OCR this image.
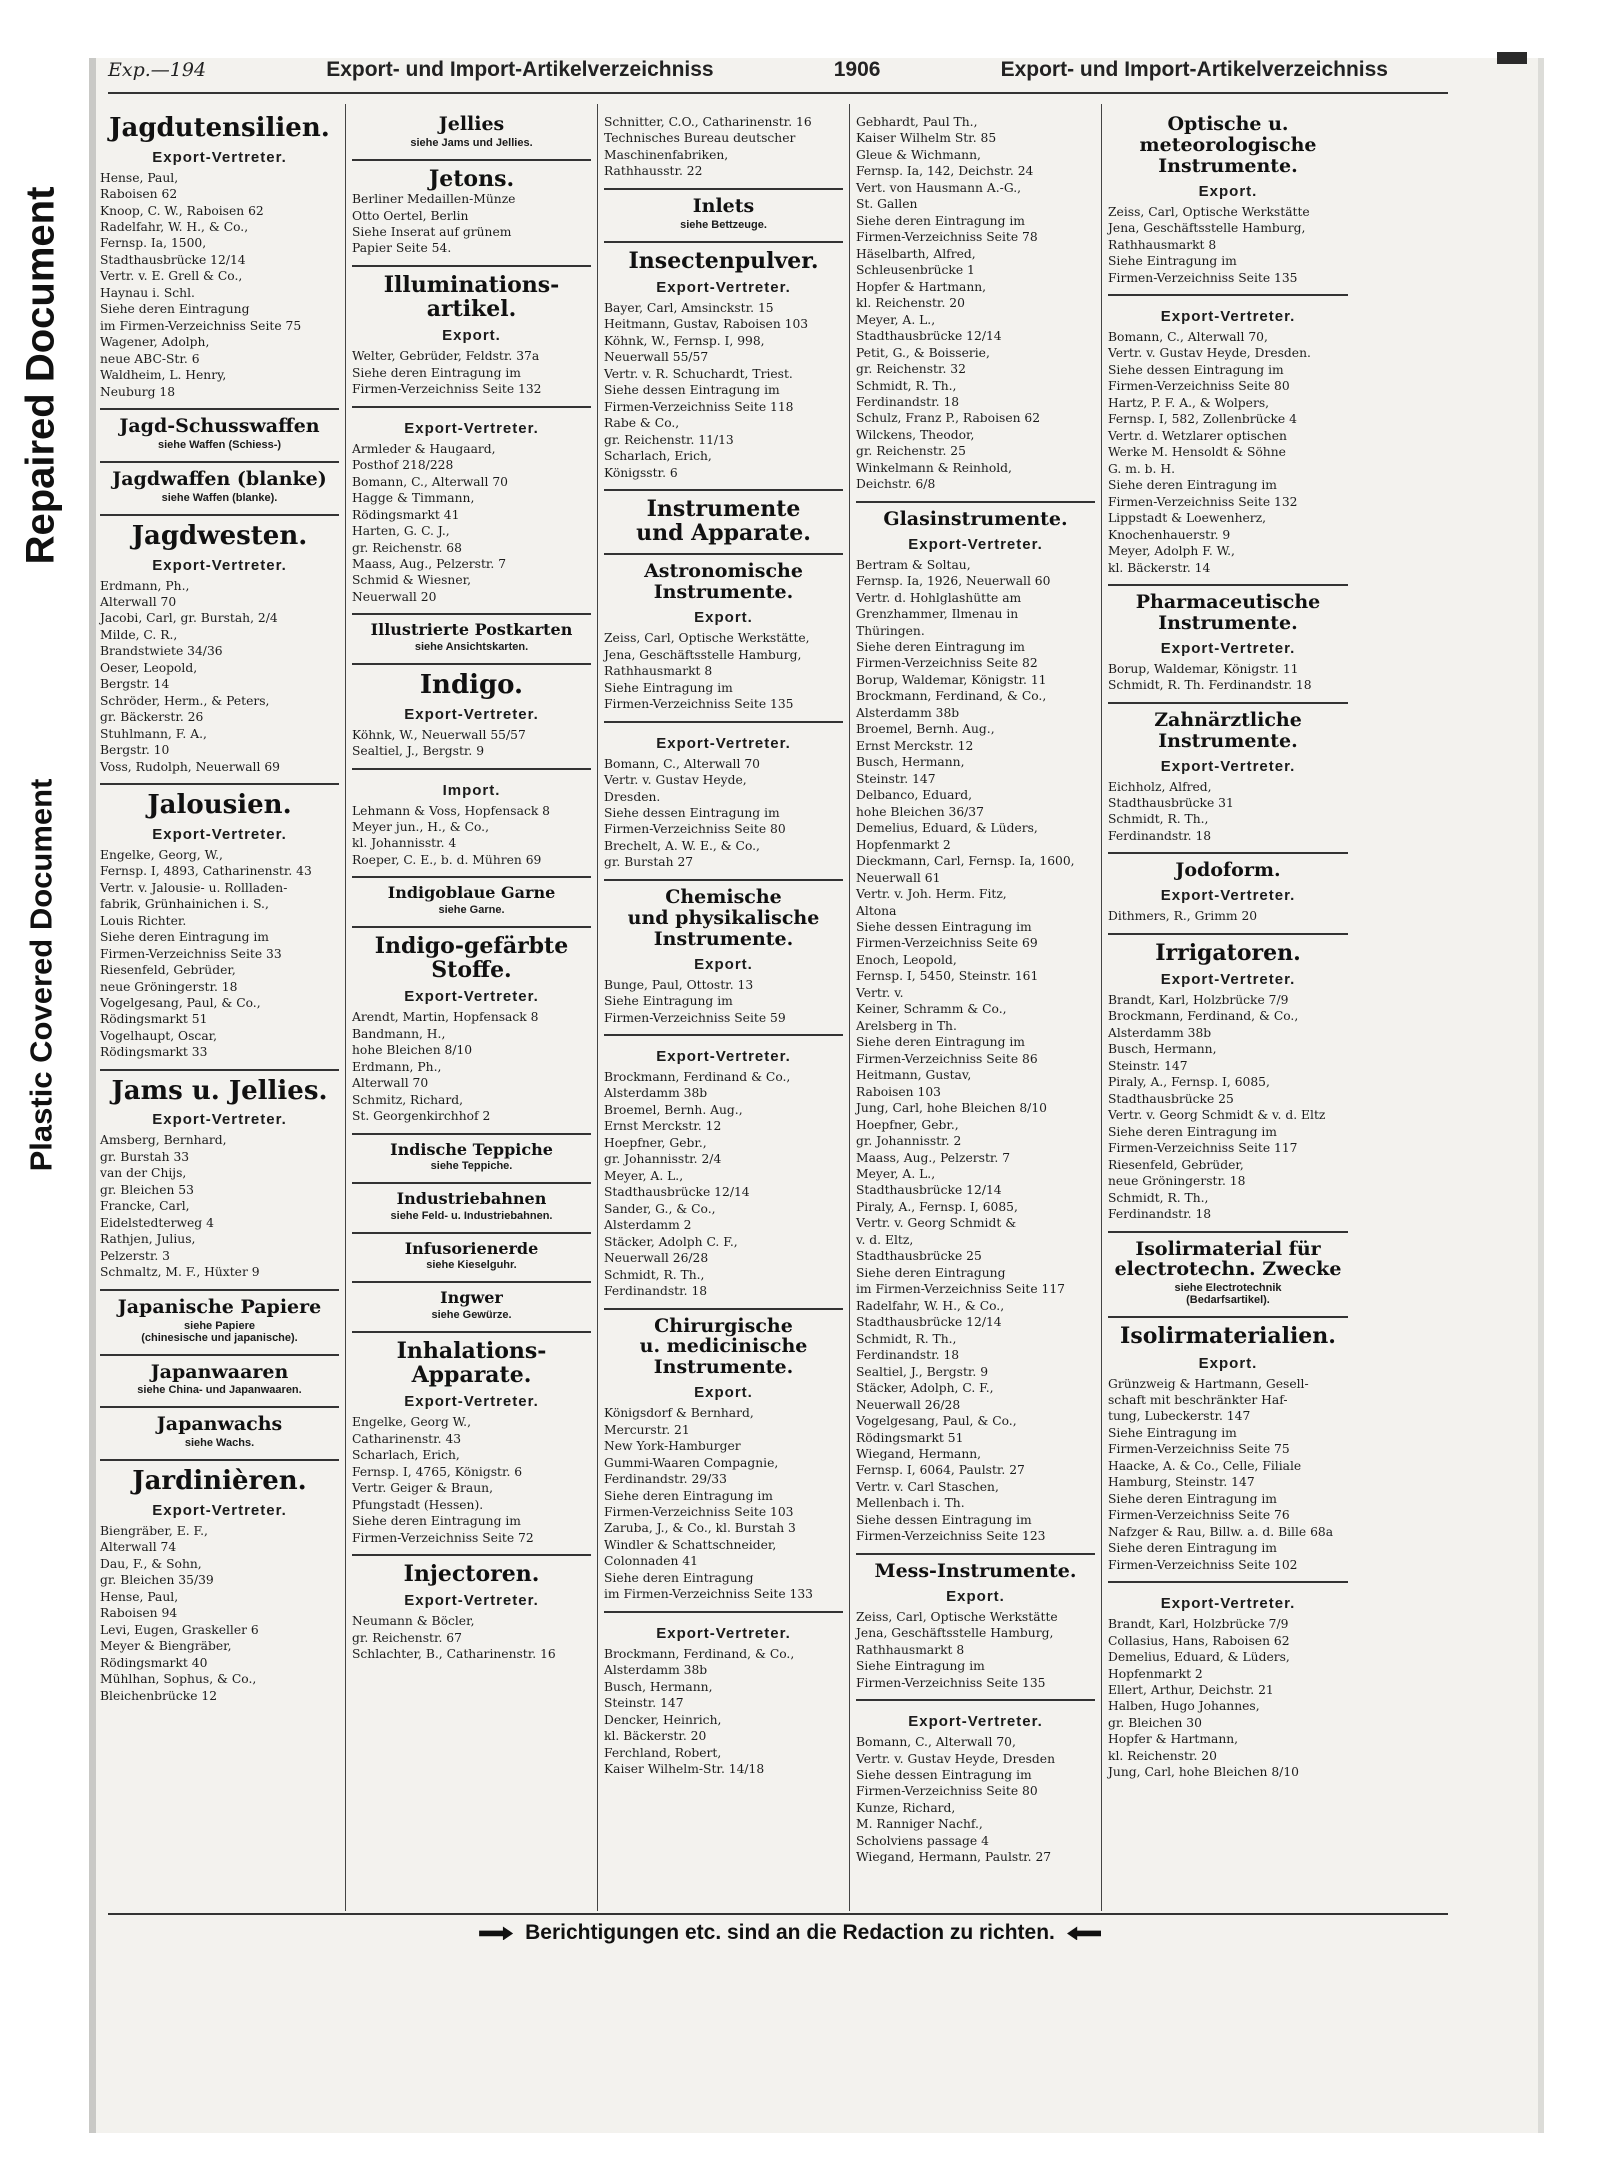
Repaired Document
Plastic Covered Document
Exp.—194	Export- und Import-Artikelverzeichniss	1906	Export- und Import-Artikelverzeichniss
Jagdutensilien.
Export-Vertreter.

Hense, Paul,
Raboisen 62
Knoop, C. W., Raboisen 62
Radelfahr, W. H., & Co.,
Fernsp. Ia, 1500,
Stadthausbrücke 12/14
Vertr. v. E. Grell & Co.,
Haynau i. Schl.
Siehe deren Eintragung
im Firmen-Verzeichniss Seite 75
Wagener, Adolph,
neue ABC-Str. 6
Waldheim, L. Henry,
Neuburg 18

Jagd-Schusswaffen
siehe Waffen (Schiess-)
Jagdwaffen (blanke)
siehe Waffen (blanke).
Jagdwesten.
Export-Vertreter.

Erdmann, Ph.,
Alterwall 70
Jacobi, Carl, gr. Burstah, 2/4
Milde, C. R.,
Brandstwiete 34/36
Oeser, Leopold,
Bergstr. 14
Schröder, Herm., & Peters,
gr. Bäckerstr. 26
Stuhlmann, F. A.,
Bergstr. 10
Voss, Rudolph, Neuerwall 69

Jalousien.
Export-Vertreter.

Engelke, Georg, W.,
Fernsp. I, 4893, Catharinenstr. 43
Vertr. v. Jalousie- u. Rollladen-
fabrik, Grünhainichen i. S.,
Louis Richter.
Siehe deren Eintragung im
Firmen-Verzeichniss Seite 33
Riesenfeld, Gebrüder,
neue Gröningerstr. 18
Vogelgesang, Paul, & Co.,
Rödingsmarkt 51
Vogelhaupt, Oscar,
Rödingsmarkt 33

Jams u. Jellies.
Export-Vertreter.

Amsberg, Bernhard,
gr. Burstah 33
van der Chijs,
gr. Bleichen 53
Francke, Carl,
Eidelstedterweg 4
Rathjen, Julius,
Pelzerstr. 3
Schmaltz, M. F., Hüxter 9

Japanische Papiere
siehe Papiere
(chinesische und japanische).
Japanwaaren
siehe China- und Japanwaaren.
Japanwachs
siehe Wachs.
Jardinièren.
Export-Vertreter.

Biengräber, E. F.,
Alterwall 74
Dau, F., & Sohn,
gr. Bleichen 35/39
Hense, Paul,
Raboisen 94
Levi, Eugen, Graskeller 6
Meyer & Biengräber,
Rödingsmarkt 40
Mühlhan, Sophus, & Co.,
Bleichenbrücke 12

Jellies
siehe Jams und Jellies.
Jetons.

Berliner Medaillen-Münze
Otto Oertel, Berlin
Siehe Inserat auf grünem
Papier Seite 54.

Illuminations-
artikel.
Export.

Welter, Gebrüder, Feldstr. 37a
Siehe deren Eintragung im
Firmen-Verzeichniss Seite 132

Export-Vertreter.

Armleder & Haugaard,
Posthof 218/228
Bomann, C., Alterwall 70
Hagge & Timmann,
Rödingsmarkt 41
Harten, G. C. J.,
gr. Reichenstr. 68
Maass, Aug., Pelzerstr. 7
Schmid & Wiesner,
Neuerwall 20

Illustrierte Postkarten
siehe Ansichtskarten.
Indigo.
Export-Vertreter.

Köhnk, W., Neuerwall 55/57
Sealtiel, J., Bergstr. 9

Import.

Lehmann & Voss, Hopfensack 8
Meyer jun., H., & Co.,
kl. Johannisstr. 4
Roeper, C. E., b. d. Mühren 69

Indigoblaue Garne
siehe Garne.
Indigo-gefärbte
Stoffe.
Export-Vertreter.

Arendt, Martin, Hopfensack 8
Bandmann, H.,
hohe Bleichen 8/10
Erdmann, Ph.,
Alterwall 70
Schmitz, Richard,
St. Georgenkirchhof 2

Indische Teppiche
siehe Teppiche.
Industriebahnen
siehe Feld- u. Industriebahnen.
Infusorienerde
siehe Kieselguhr.
Ingwer
siehe Gewürze.
Inhalations-
Apparate.
Export-Vertreter.

Engelke, Georg W.,
Catharinenstr. 43
Scharlach, Erich,
Fernsp. I, 4765, Königstr. 6
Vertr. Geiger & Braun,
Pfungstadt (Hessen).
Siehe deren Eintragung im
Firmen-Verzeichniss Seite 72

Injectoren.
Export-Vertreter.

Neumann & Böcler,
gr. Reichenstr. 67
Schlachter, B., Catharinenstr. 16

Schnitter, C.O., Catharinenstr. 16
Technisches Bureau deutscher
Maschinenfabriken,
Rathhausstr. 22

Inlets
siehe Bettzeuge.
Insectenpulver.
Export-Vertreter.

Bayer, Carl, Amsinckstr. 15
Heitmann, Gustav, Raboisen 103
Köhnk, W., Fernsp. I, 998,
Neuerwall 55/57
Vertr. v. R. Schuchardt, Triest.
Siehe dessen Eintragung im
Firmen-Verzeichniss Seite 118
Rabe & Co.,
gr. Reichenstr. 11/13
Scharlach, Erich,
Königsstr. 6

Instrumente
und Apparate.
Astronomische
Instrumente.
Export.

Zeiss, Carl, Optische Werkstätte,
Jena, Geschäftsstelle Hamburg,
Rathhausmarkt 8
Siehe Eintragung im
Firmen-Verzeichniss Seite 135

Export-Vertreter.

Bomann, C., Alterwall 70
Vertr. v. Gustav Heyde,
Dresden.
Siehe dessen Eintragung im
Firmen-Verzeichniss Seite 80
Brechelt, A. W. E., & Co.,
gr. Burstah 27

Chemische
und physikalische
Instrumente.
Export.

Bunge, Paul, Ottostr. 13
Siehe Eintragung im
Firmen-Verzeichniss Seite 59

Export-Vertreter.

Brockmann, Ferdinand & Co.,
Alsterdamm 38b
Broemel, Bernh. Aug.,
Ernst Merckstr. 12
Hoepfner, Gebr.,
gr. Johannisstr. 2/4
Meyer, A. L.,
Stadthausbrücke 12/14
Sander, G., & Co.,
Alsterdamm 2
Stäcker, Adolph C. F.,
Neuerwall 26/28
Schmidt, R. Th.,
Ferdinandstr. 18

Chirurgische
u. medicinische
Instrumente.
Export.

Königsdorf & Bernhard,
Mercurstr. 21
New York-Hamburger
Gummi-Waaren Compagnie,
Ferdinandstr. 29/33
Siehe deren Eintragung im
Firmen-Verzeichniss Seite 103
Zaruba, J., & Co., kl. Burstah 3
Windler & Schattschneider,
Colonnaden 41
Siehe deren Eintragung
im Firmen-Verzeichniss Seite 133

Export-Vertreter.

Brockmann, Ferdinand, & Co.,
Alsterdamm 38b
Busch, Hermann,
Steinstr. 147
Dencker, Heinrich,
kl. Bäckerstr. 20
Ferchland, Robert,
Kaiser Wilhelm-Str. 14/18

Gebhardt, Paul Th.,
Kaiser Wilhelm Str. 85
Gleue & Wichmann,
Fernsp. Ia, 142, Deichstr. 24
Vert. von Hausmann A.-G.,
St. Gallen
Siehe deren Eintragung im
Firmen-Verzeichniss Seite 78
Häselbarth, Alfred,
Schleusenbrücke 1
Hopfer & Hartmann,
kl. Reichenstr. 20
Meyer, A. L.,
Stadthausbrücke 12/14
Petit, G., & Boisserie,
gr. Reichenstr. 32
Schmidt, R. Th.,
Ferdinandstr. 18
Schulz, Franz P., Raboisen 62
Wilckens, Theodor,
gr. Reichenstr. 25
Winkelmann & Reinhold,
Deichstr. 6/8

Glasinstrumente.
Export-Vertreter.

Bertram & Soltau,
Fernsp. Ia, 1926, Neuerwall 60
Vertr. d. Hohlglashütte am
Grenzhammer, Ilmenau in
Thüringen.
Siehe deren Eintragung im
Firmen-Verzeichniss Seite 82
Borup, Waldemar, Königstr. 11
Brockmann, Ferdinand, & Co.,
Alsterdamm 38b
Broemel, Bernh. Aug.,
Ernst Merckstr. 12
Busch, Hermann,
Steinstr. 147
Delbanco, Eduard,
hohe Bleichen 36/37
Demelius, Eduard, & Lüders,
Hopfenmarkt 2
Dieckmann, Carl, Fernsp. Ia, 1600,
Neuerwall 61
Vertr. v. Joh. Herm. Fitz,
Altona
Siehe dessen Eintragung im
Firmen-Verzeichniss Seite 69
Enoch, Leopold,
Fernsp. I, 5450, Steinstr. 161
Vertr. v.
Keiner, Schramm & Co.,
Arelsberg in Th.
Siehe deren Eintragung im
Firmen-Verzeichniss Seite 86
Heitmann, Gustav,
Raboisen 103
Jung, Carl, hohe Bleichen 8/10
Hoepfner, Gebr.,
gr. Johannisstr. 2
Maass, Aug., Pelzerstr. 7
Meyer, A. L.,
Stadthausbrücke 12/14
Piraly, A., Fernsp. I, 6085,
Vertr. v. Georg Schmidt &
v. d. Eltz,
Stadthausbrücke 25
Siehe deren Eintragung
im Firmen-Verzeichniss Seite 117
Radelfahr, W. H., & Co.,
Stadthausbrücke 12/14
Schmidt, R. Th.,
Ferdinandstr. 18
Sealtiel, J., Bergstr. 9
Stäcker, Adolph, C. F.,
Neuerwall 26/28
Vogelgesang, Paul, & Co.,
Rödingsmarkt 51
Wiegand, Hermann,
Fernsp. I, 6064, Paulstr. 27
Vertr. v. Carl Staschen,
Mellenbach i. Th.
Siehe dessen Eintragung im
Firmen-Verzeichniss Seite 123

Mess-Instrumente.
Export.

Zeiss, Carl, Optische Werkstätte
Jena, Geschäftsstelle Hamburg,
Rathhausmarkt 8
Siehe Eintragung im
Firmen-Verzeichniss Seite 135

Export-Vertreter.

Bomann, C., Alterwall 70,
Vertr. v. Gustav Heyde, Dresden
Siehe dessen Eintragung im
Firmen-Verzeichniss Seite 80
Kunze, Richard,
M. Ranniger Nachf.,
Scholviens passage 4
Wiegand, Hermann, Paulstr. 27

Optische u.
meteorologische
Instrumente.
Export.

Zeiss, Carl, Optische Werkstätte
Jena, Geschäftsstelle Hamburg,
Rathhausmarkt 8
Siehe Eintragung im
Firmen-Verzeichniss Seite 135

Export-Vertreter.

Bomann, C., Alterwall 70,
Vertr. v. Gustav Heyde, Dresden.
Siehe dessen Eintragung im
Firmen-Verzeichniss Seite 80
Hartz, P. F. A., & Wolpers,
Fernsp. I, 582, Zollenbrücke 4
Vertr. d. Wetzlarer optischen
Werke M. Hensoldt & Söhne
G. m. b. H.
Siehe deren Eintragung im
Firmen-Verzeichniss Seite 132
Lippstadt & Loewenherz,
Knochenhauerstr. 9
Meyer, Adolph F. W.,
kl. Bäckerstr. 14

Pharmaceutische
Instrumente.
Export-Vertreter.

Borup, Waldemar, Königstr. 11
Schmidt, R. Th. Ferdinandstr. 18

Zahnärztliche
Instrumente.
Export-Vertreter.

Eichholz, Alfred,
Stadthausbrücke 31
Schmidt, R. Th.,
Ferdinandstr. 18

Jodoform.
Export-Vertreter.

Dithmers, R., Grimm 20

Irrigatoren.
Export-Vertreter.

Brandt, Karl, Holzbrücke 7/9
Brockmann, Ferdinand, & Co.,
Alsterdamm 38b
Busch, Hermann,
Steinstr. 147
Piraly, A., Fernsp. I, 6085, Stadthausbrücke 25
Vertr. v. Georg Schmidt & v. d. Eltz
Siehe deren Eintragung im
Firmen-Verzeichniss Seite 117
Riesenfeld, Gebrüder,
neue Gröningerstr. 18
Schmidt, R. Th.,
Ferdinandstr. 18

Isolirmaterial für
electrotechn. Zwecke
siehe Electrotechnik
(Bedarfsartikel).
Isolirmaterialien.
Export.

Grünzweig & Hartmann, Gesell-
schaft mit beschränkter Haf-
tung, Lubeckerstr. 147
Siehe Eintragung im
Firmen-Verzeichniss Seite 75
Haacke, A. & Co., Celle, Filiale
Hamburg, Steinstr. 147
Siehe deren Eintragung im
Firmen-Verzeichniss Seite 76
Nafzger & Rau, Billw. a. d. Bille 68a
Siehe deren Eintragung im
Firmen-Verzeichniss Seite 102

Export-Vertreter.

Brandt, Karl, Holzbrücke 7/9
Collasius, Hans, Raboisen 62
Demelius, Eduard, & Lüders,
Hopfenmarkt 2
Ellert, Arthur, Deichstr. 21
Halben, Hugo Johannes,
gr. Bleichen 30
Hopfer & Hartmann,
kl. Reichenstr. 20
Jung, Carl, hohe Bleichen 8/10

Berichtigungen etc. sind an die Redaction zu richten.
